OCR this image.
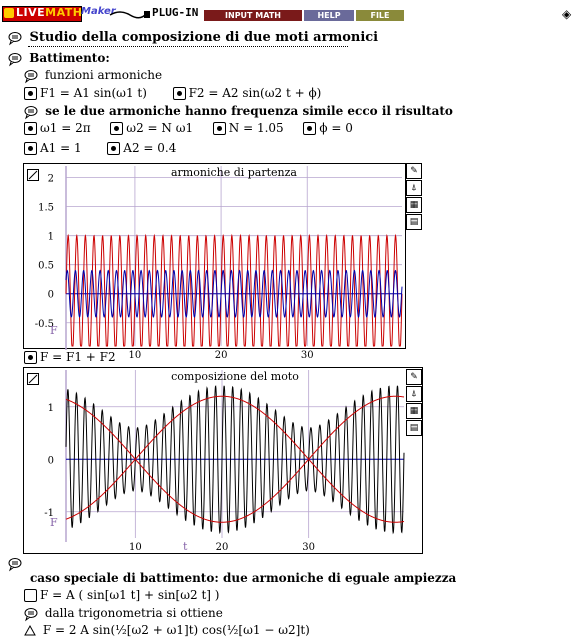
LIVEMATH
Maker	PLUG-IN	INPUT MATH	HELP	FILE	◈
Studio della composizione di due moti armonici
Battimento:
funzioni armoniche
F1 = A1 sin(ω1 t)	F2 = A2 sin(ω2 t + ϕ)
se le due armoniche hanno frequenza simile ecco il risultato
ω1 = 2π	ω2 = N ω1	N = 1.05	ϕ = 0
A1 = 1	A2 = 0.4
2
1.5
1
0.5
0
-0.5
10	20	30
armoniche di partenza
F
✎
⍋
▦
▤
F = F1 + F2
1
0
-1
10	20	30
composizione del moto
F
t
✎
⍋
▦
▤
caso speciale di battimento: due armoniche di eguale ampiezza
F = A ( sin[ω1 t] + sin[ω2 t] )
dalla trigonometria si ottiene
F = 2 A sin(½[ω2 + ω1]t) cos(½[ω1 − ω2]t)
